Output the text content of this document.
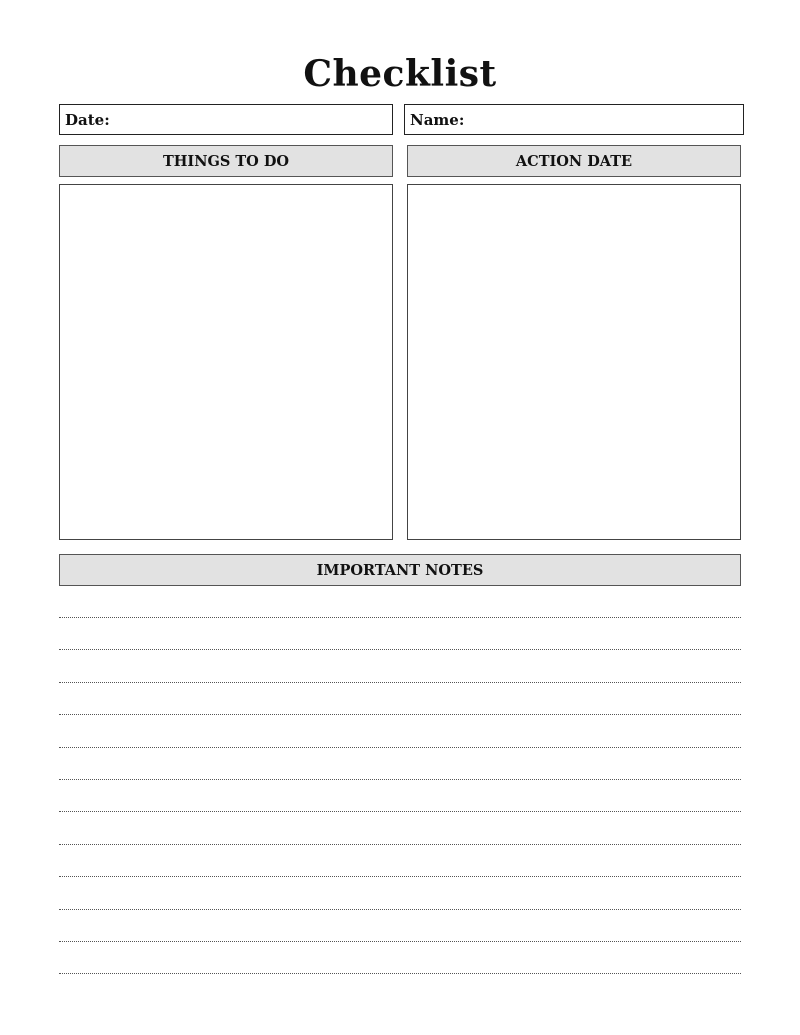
Checklist
Date:	Name:
THINGS TO DO	ACTION DATE
IMPORTANT NOTES
